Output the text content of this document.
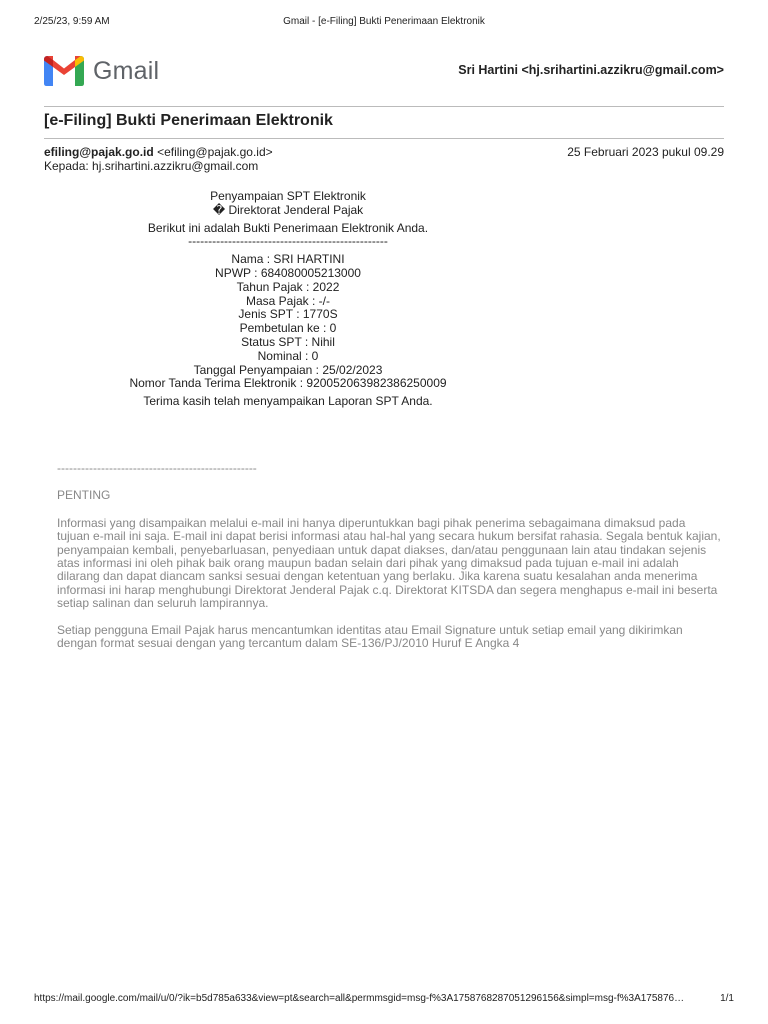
2/25/23, 9:59 AM	Gmail - [e-Filing] Bukti Penerimaan Elektronik
Gmail	Sri Hartini <hj.srihartini.azzikru@gmail.com>
[e-Filing] Bukti Penerimaan Elektronik
efiling@pajak.go.id <efiling@pajak.go.id>	25 Februari 2023 pukul 09.29
Kepada: hj.srihartini.azzikru@gmail.com
Penyampaian SPT Elektronik
� Direktorat Jenderal Pajak
Berikut ini adalah Bukti Penerimaan Elektronik Anda.
--------------------------------------------------
Nama : SRI HARTINI
NPWP : 684080005213000
Tahun Pajak : 2022
Masa Pajak : -/-
Jenis SPT : 1770S
Pembetulan ke : 0
Status SPT : Nihil
Nominal : 0
Tanggal Penyampaian : 25/02/2023
Nomor Tanda Terima Elektronik : 920052063982386250009
Terima kasih telah menyampaikan Laporan SPT Anda.
--------------------------------------------------
PENTING

Informasi yang disampaikan melalui e-mail ini hanya diperuntukkan bagi pihak penerima sebagaimana dimaksud pada tujuan e-mail ini saja. E-mail ini dapat berisi informasi atau hal-hal yang secara hukum bersifat rahasia. Segala bentuk kajian, penyampaian kembali, penyebarluasan, penyediaan untuk dapat diakses, dan/atau penggunaan lain atau tindakan sejenis atas informasi ini oleh pihak baik orang maupun badan selain dari pihak yang dimaksud pada tujuan e-mail ini adalah dilarang dan dapat diancam sanksi sesuai dengan ketentuan yang berlaku. Jika karena suatu kesalahan anda menerima informasi ini harap menghubungi Direktorat Jenderal Pajak c.q. Direktorat KITSDA dan segera menghapus e-mail ini beserta setiap salinan dan seluruh lampirannya.

Setiap pengguna Email Pajak harus mencantumkan identitas atau Email Signature untuk setiap email yang dikirimkan dengan format sesuai dengan yang tercantum dalam SE-136/PJ/2010 Huruf E Angka 4

https://mail.google.com/mail/u/0/?ik=b5d785a633&view=pt&search=all&permmsgid=msg-f%3A1758768287051296156&simpl=msg-f%3A175876…	1/1
